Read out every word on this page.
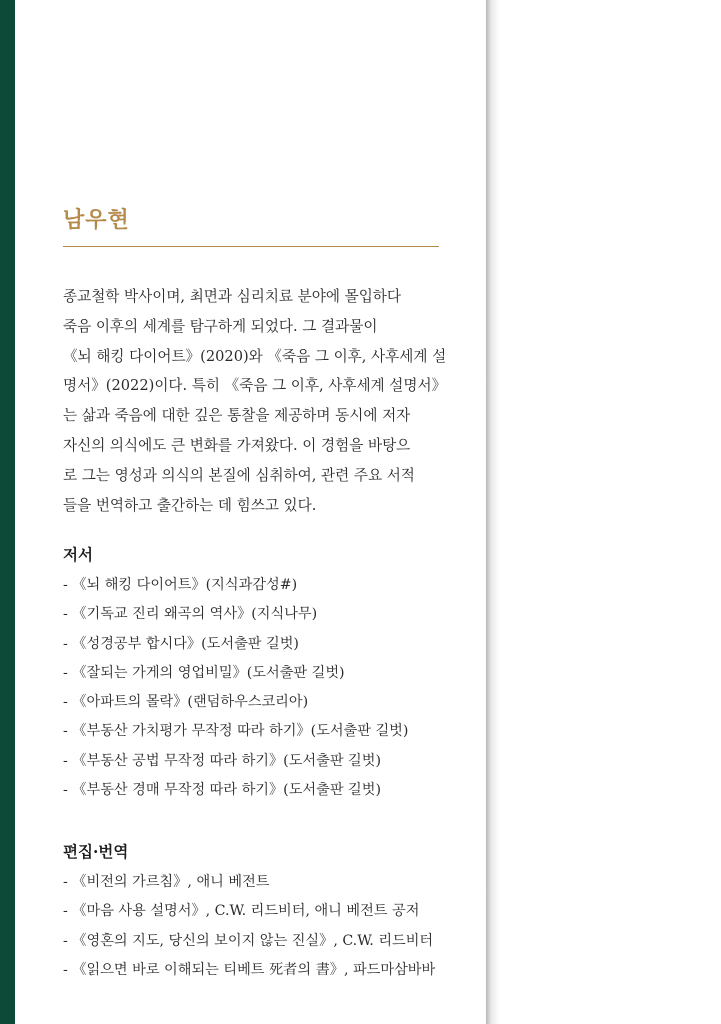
남우현
종교철학 박사이며, 최면과 심리치료 분야에 몰입하다
죽음 이후의 세계를 탐구하게 되었다. 그 결과물이
《뇌 해킹 다이어트》(2020)와 《죽음 그 이후, 사후세계 설
명서》(2022)이다. 특히 《죽음 그 이후, 사후세계 설명서》
는 삶과 죽음에 대한 깊은 통찰을 제공하며 동시에 저자
자신의 의식에도 큰 변화를 가져왔다. 이 경험을 바탕으
로 그는 영성과 의식의 본질에 심취하여, 관련 주요 서적
들을 번역하고 출간하는 데 힘쓰고 있다.
저서
- 《뇌 해킹 다이어트》(지식과감성#)
- 《기독교 진리 왜곡의 역사》(지식나무)
- 《성경공부 합시다》(도서출판 길벗)
- 《잘되는 가게의 영업비밀》(도서출판 길벗)
- 《아파트의 몰락》(랜덤하우스코리아)
- 《부동산 가치평가 무작정 따라 하기》(도서출판 길벗)
- 《부동산 공법 무작정 따라 하기》(도서출판 길벗)
- 《부동산 경매 무작정 따라 하기》(도서출판 길벗)
편집·번역
- 《비전의 가르침》, 애니 베전트
- 《마음 사용 설명서》, C.W. 리드비터, 애니 베전트 공저
- 《영혼의 지도, 당신의 보이지 않는 진실》, C.W. 리드비터
- 《읽으면 바로 이해되는 티베트 死者의 書》, 파드마삼바바
